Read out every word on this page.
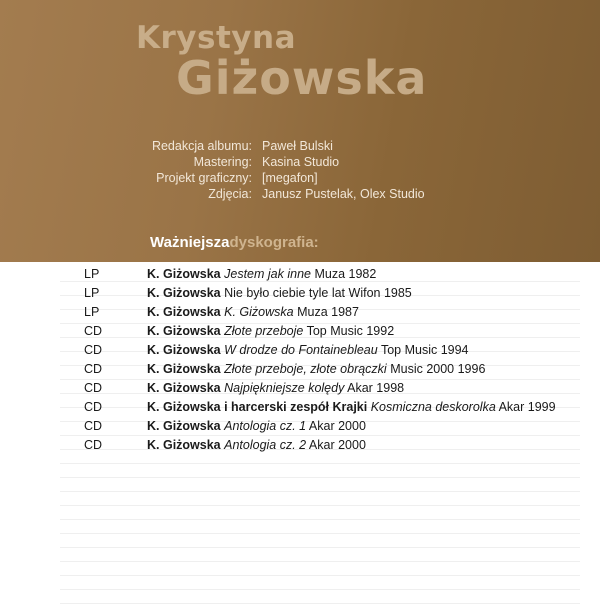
Krystyna
Giżowska
Redakcja albumu: Paweł Bulski
Mastering: Kasina Studio
Projekt graficzny: [megafon]
Zdjęcia: Janusz Pustelak, Olex Studio
Ważniejszadyskografia:
LP	K. Giżowska Jestem jak inne Muza 1982
LP	K. Giżowska Nie było ciebie tyle lat Wifon 1985
LP	K. Giżowska K. Giżowska Muza 1987
CD	K. Giżowska Złote przeboje Top Music 1992
CD	K. Giżowska W drodze do Fontainebleau Top Music 1994
CD	K. Giżowska Złote przeboje, złote obrączki Music 2000 1996
CD	K. Giżowska Najpiękniejsze kolędy Akar 1998
CD	K. Giżowska i harcerski zespół Krajki Kosmiczna deskorolka Akar 1999
CD	K. Giżowska Antologia cz. 1 Akar 2000
CD	K. Giżowska Antologia cz. 2 Akar 2000
